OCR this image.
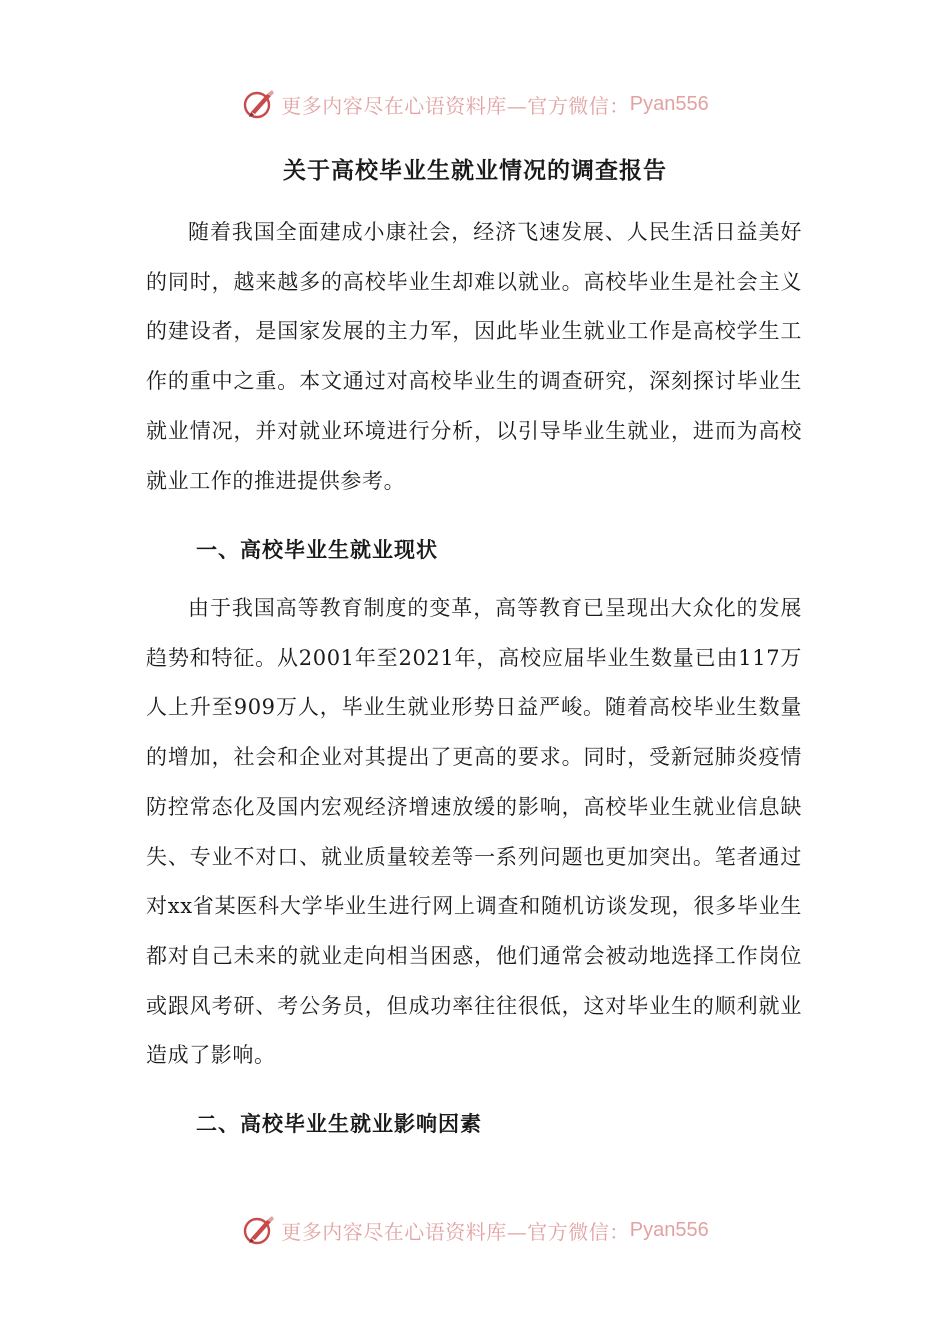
更多内容尽在心语资料库—官方微信： Pyan556
关于高校毕业生就业情况的调查报告

随着我国全面建成小康社会，经济飞速发展、人民生活日益美好的同时，越来越多的高校毕业生却难以就业。高校毕业生是社会主义的建设者，是国家发展的主力军，因此毕业生就业工作是高校学生工作的重中之重。本文通过对高校毕业生的调查研究，深刻探讨毕业生就业情况，并对就业环境进行分析，以引导毕业生就业，进而为高校就业工作的推进提供参考。

一、高校毕业生就业现状

由于我国高等教育制度的变革，高等教育已呈现出大众化的发展趋势和特征。从2001年至2021年，高校应届毕业生数量已由117万人上升至909万人，毕业生就业形势日益严峻。随着高校毕业生数量的增加，社会和企业对其提出了更高的要求。同时，受新冠肺炎疫情防控常态化及国内宏观经济增速放缓的影响，高校毕业生就业信息缺失、专业不对口、就业质量较差等一系列问题也更加突出。笔者通过对xx省某医科大学毕业生进行网上调查和随机访谈发现，很多毕业生都对自己未来的就业走向相当困惑，他们通常会被动地选择工作岗位或跟风考研、考公务员，但成功率往往很低，这对毕业生的顺利就业造成了影响。

二、高校毕业生就业影响因素
更多内容尽在心语资料库—官方微信： Pyan556
